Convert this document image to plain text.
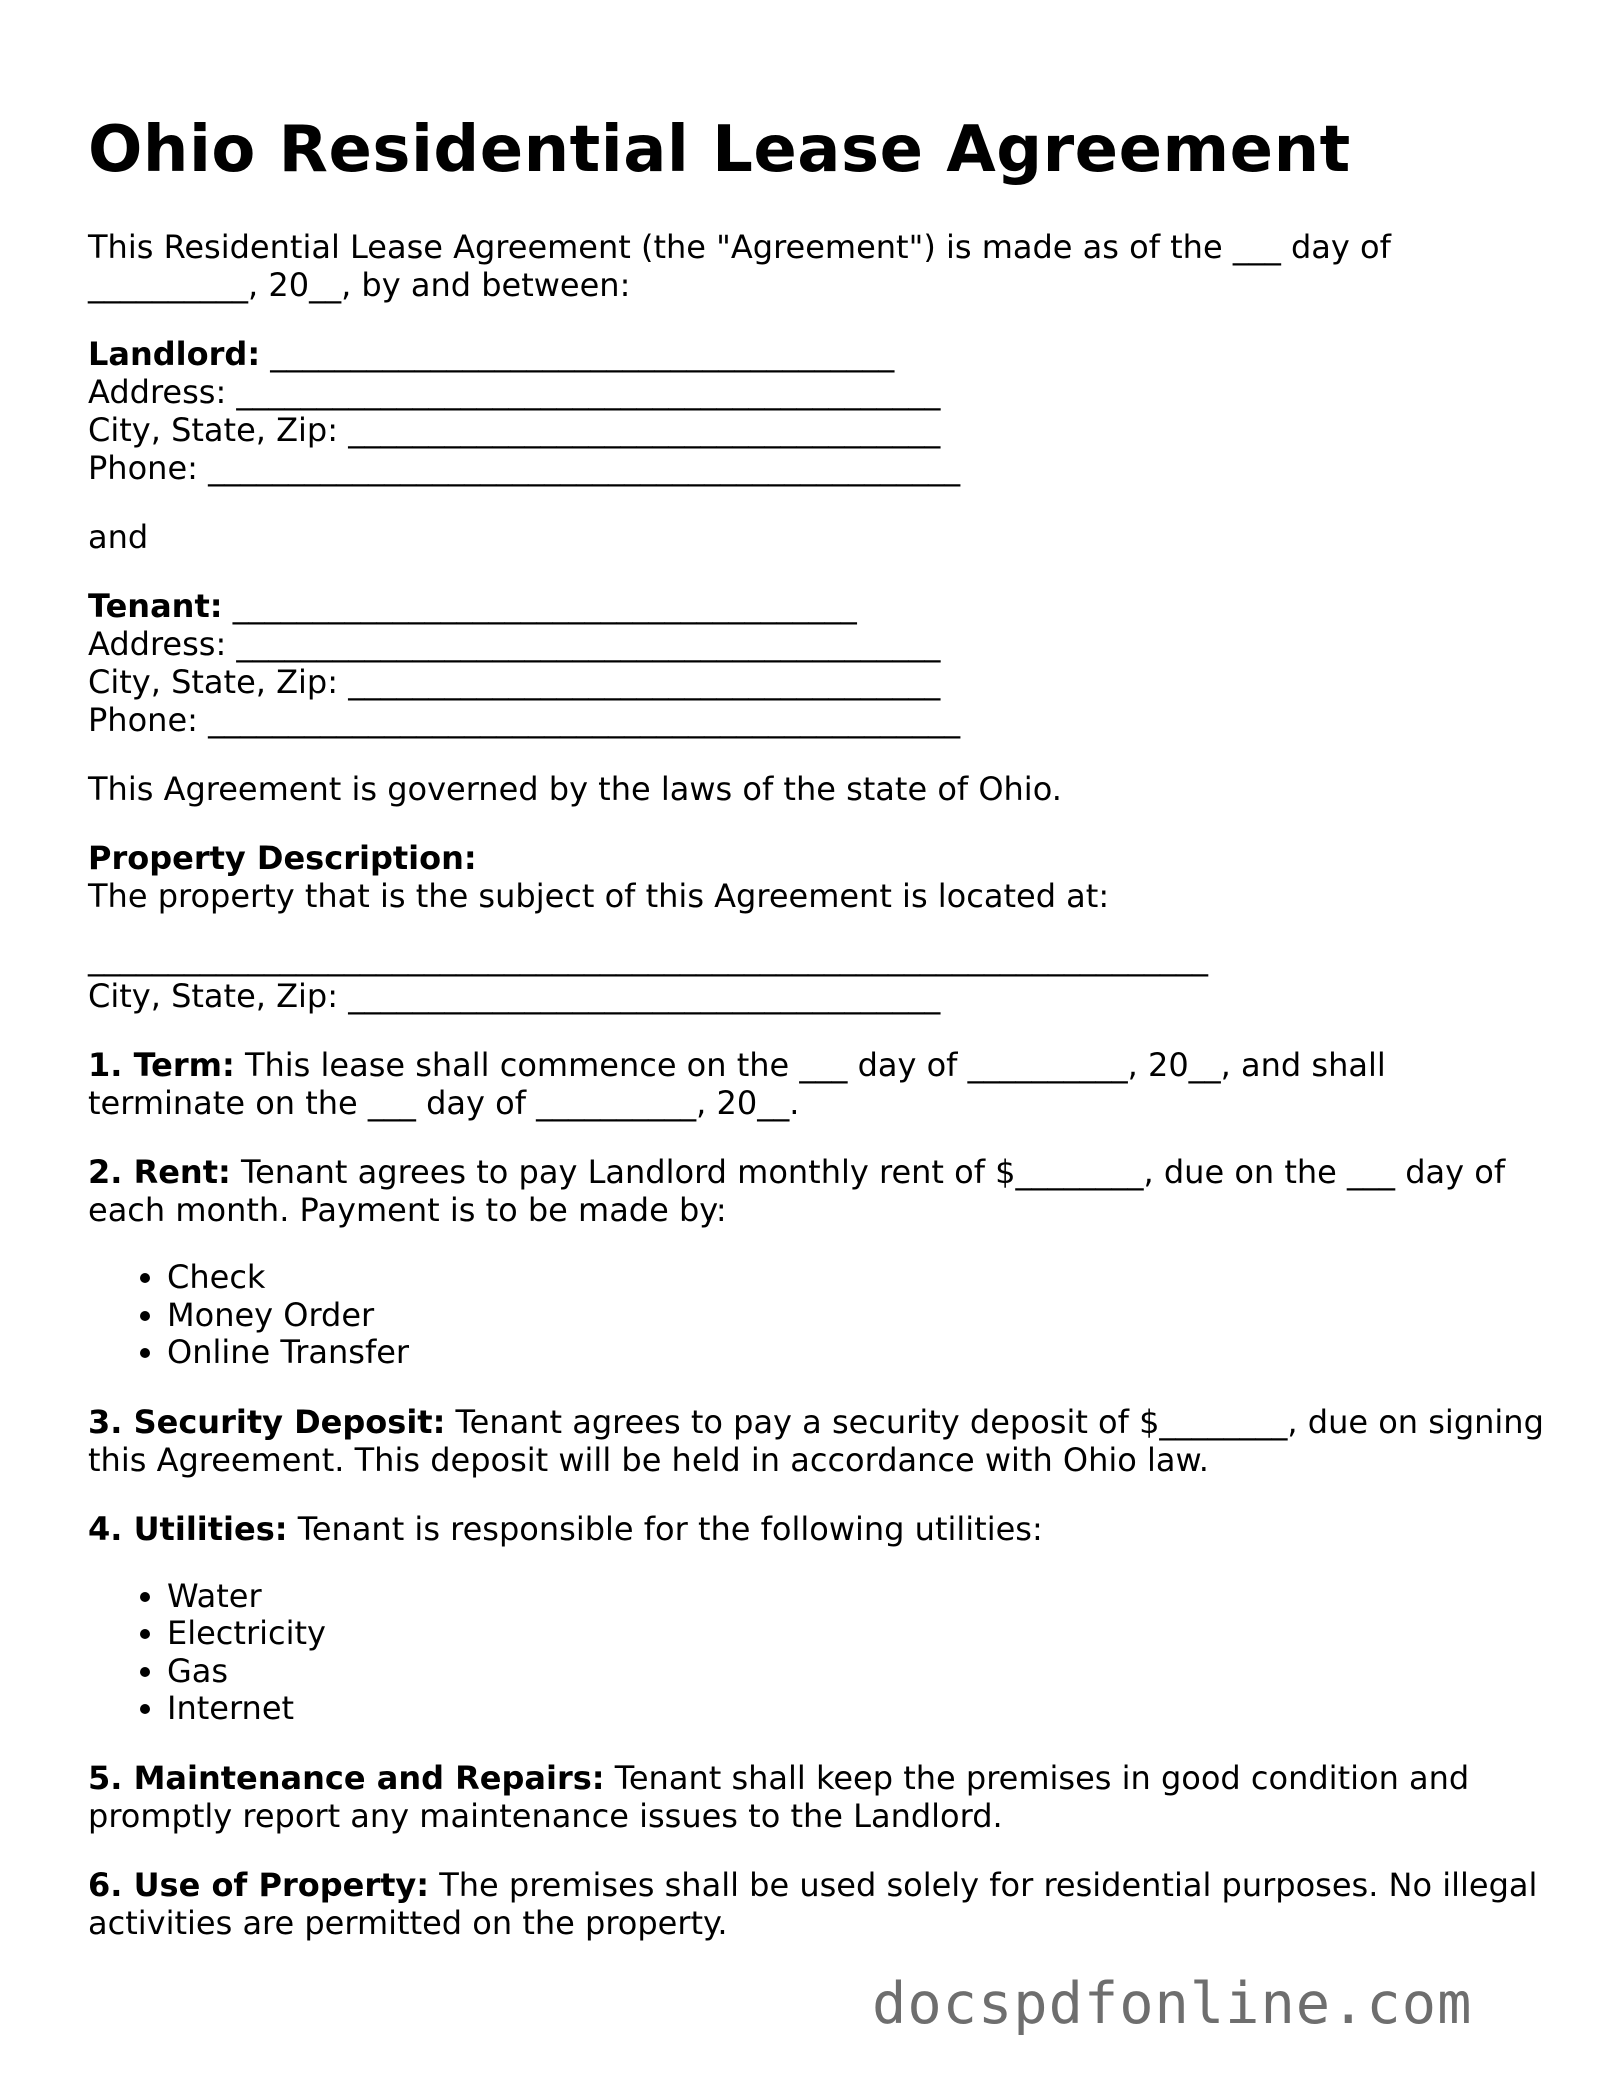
Ohio Residential Lease Agreement

This Residential Lease Agreement (the "Agreement") is made as of the ___ day of
__________, 20__, by and between:

Landlord: _______________________________________
Address: ____________________________________________
City, State, Zip: _____________________________________
Phone: _______________________________________________

and

Tenant: _______________________________________
Address: ____________________________________________
City, State, Zip: _____________________________________
Phone: _______________________________________________

This Agreement is governed by the laws of the state of Ohio.

Property Description:
The property that is the subject of this Agreement is located at:

______________________________________________________________________
City, State, Zip: _____________________________________

1. Term: This lease shall commence on the ___ day of __________, 20__, and shall
terminate on the ___ day of __________, 20__.

2. Rent: Tenant agrees to pay Landlord monthly rent of $________, due on the ___ day of
each month. Payment is to be made by:

• Check
• Money Order
• Online Transfer

3. Security Deposit: Tenant agrees to pay a security deposit of $________, due on signing
this Agreement. This deposit will be held in accordance with Ohio law.

4. Utilities: Tenant is responsible for the following utilities:

• Water
• Electricity
• Gas
• Internet

5. Maintenance and Repairs: Tenant shall keep the premises in good condition and
promptly report any maintenance issues to the Landlord.

6. Use of Property: The premises shall be used solely for residential purposes. No illegal
activities are permitted on the property.

docspdfonline.com
